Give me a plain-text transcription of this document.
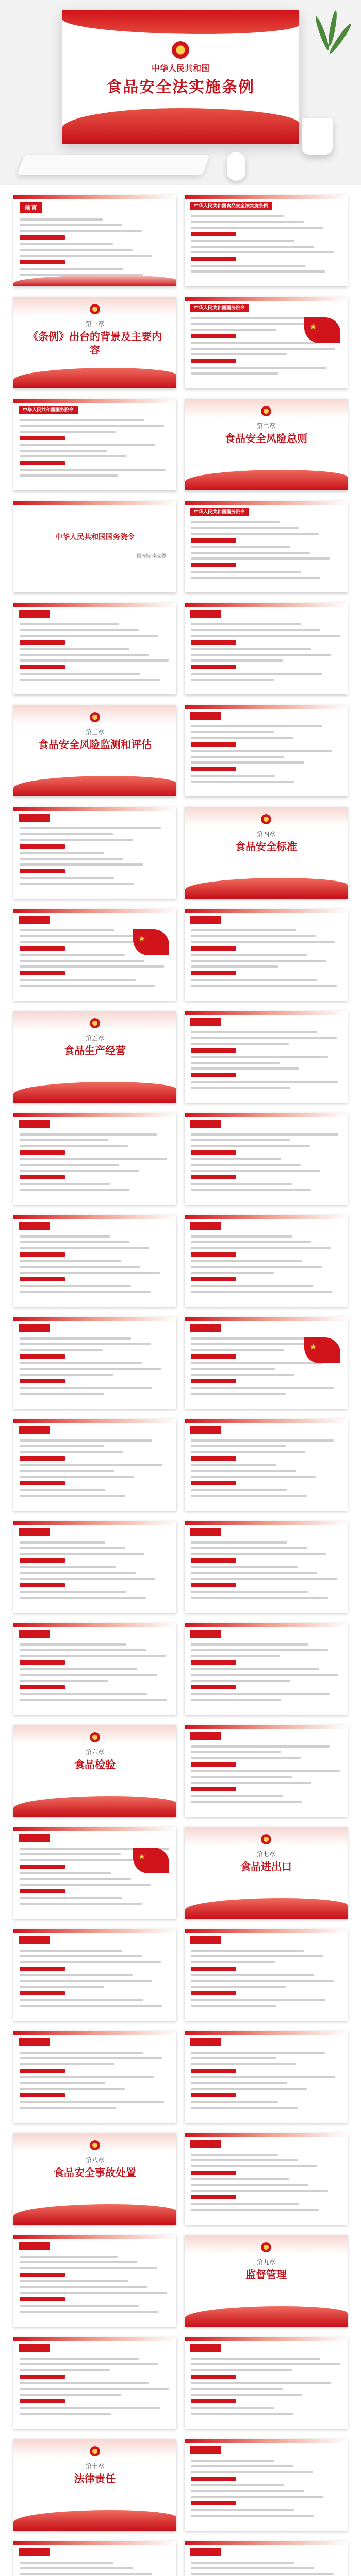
中华人民共和国
食品安全法实施条例
前言	中华人民共和国食品安全法实施条例
第一章
《条例》出台的背景及主要内容
中华人民共和国国务院令
★
中华人民共和国国务院令
第二章
食品安全风险总则
中华人民共和国国务院令
国务院 李克强
中华人民共和国国务院令
第三章
食品安全风险监测和评估
第四章
食品安全标准
★
第五章
食品生产经营
★
第六章
食品检验
★
第七章
食品进出口
第八章
食品安全事故处置
第九章
监督管理
第十章
法律责任
